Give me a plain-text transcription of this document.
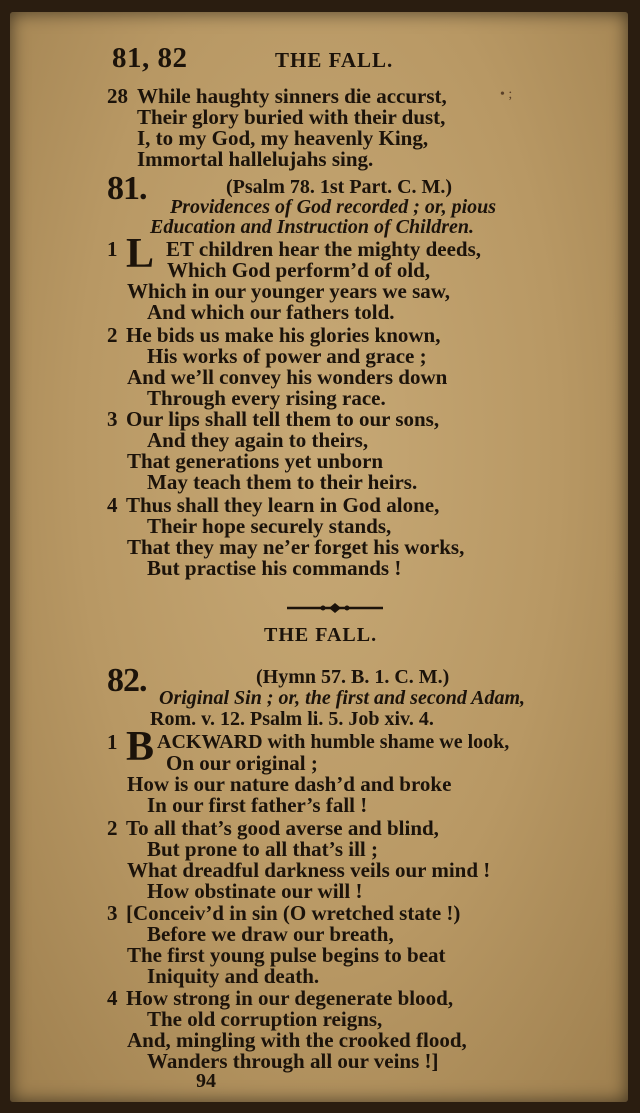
81, 82	THE FALL.
• ;
28 While haughty sinners die accurst,
Their glory buried with their dust,
I, to my God, my heavenly King,
Immortal hallelujahs sing.
81.	(Psalm 78. 1st Part. C. M.)
Providences of God recorded ; or, pious
Education and Instruction of Children.
1 L ET children hear the mighty deeds,
Which God perform’d of old,
Which in our younger years we saw,
And which our fathers told.
2 He bids us make his glories known,
His works of power and grace ;
And we’ll convey his wonders down
Through every rising race.
3 Our lips shall tell them to our sons,
And they again to theirs,
That generations yet unborn
May teach them to their heirs.
4 Thus shall they learn in God alone,
Their hope securely stands,
That they may ne’er forget his works,
But practise his commands !
THE FALL.
82.	(Hymn 57. B. 1. C. M.)
Original Sin ; or, the first and second Adam,
Rom. v. 12. Psalm li. 5. Job xiv. 4.
1 B ACKWARD with humble shame we look,
On our original ;
How is our nature dash’d and broke
In our first father’s fall !
2 To all that’s good averse and blind,
But prone to all that’s ill ;
What dreadful darkness veils our mind !
How obstinate our will !
3 [Conceiv’d in sin (O wretched state !)
Before we draw our breath,
The first young pulse begins to beat
Iniquity and death.
4 How strong in our degenerate blood,
The old corruption reigns,
And, mingling with the crooked flood,
Wanders through all our veins !]
94
